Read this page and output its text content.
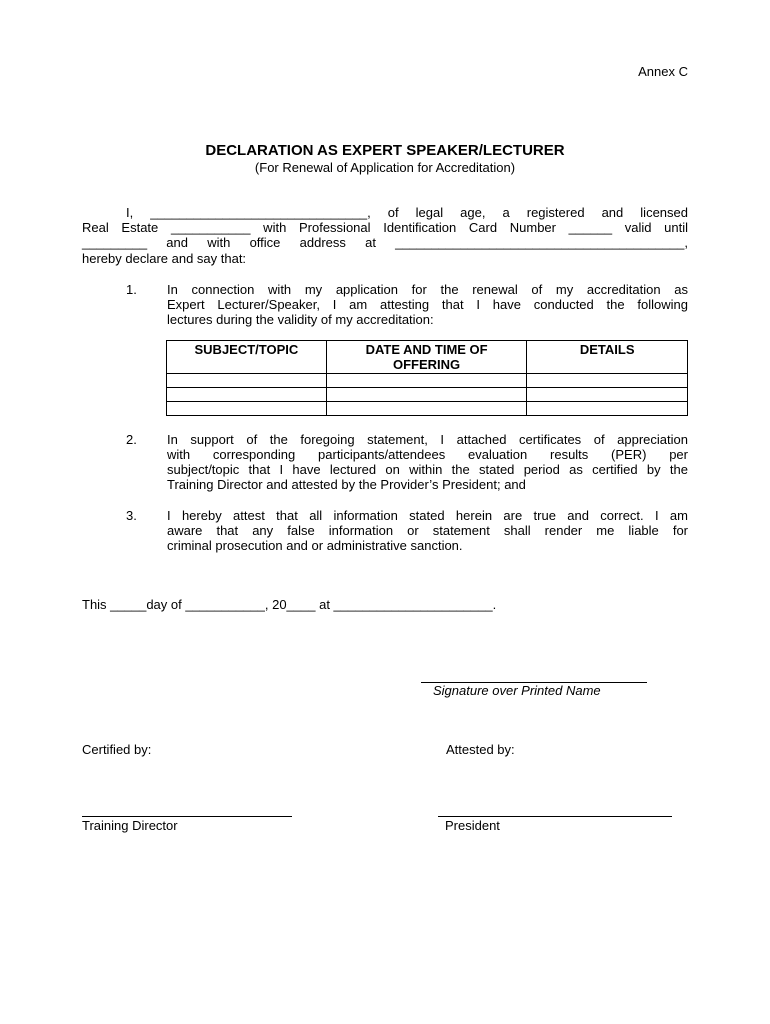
Annex C
DECLARATION AS EXPERT SPEAKER/LECTURER
(For Renewal of Application for Accreditation)
I, ______________________________, of legal age, a registered and licensed
Real Estate ___________ with Professional Identification Card Number ______ valid until
_________ and with office address at ________________________________________,
hereby declare and say that:
1. In connection with my application for the renewal of my accreditation as
Expert Lecturer/Speaker, I am attesting that I have conducted the following
lectures during the validity of my accreditation:
SUBJECT/TOPIC	DATE AND TIME OF OFFERING	DETAILS

2. In support of the foregoing statement, I attached certificates of appreciation
with corresponding participants/attendees evaluation results (PER) per
subject/topic that I have lectured on within the stated period as certified by the
Training Director and attested by the Provider’s President; and
3. I hereby attest that all information stated herein are true and correct. I am
aware that any false information or statement shall render me liable for
criminal prosecution and or administrative sanction.
This _____day of ___________, 20____ at ______________________.
Signature over Printed Name
Certified by:	Attested by:
Training Director	President
